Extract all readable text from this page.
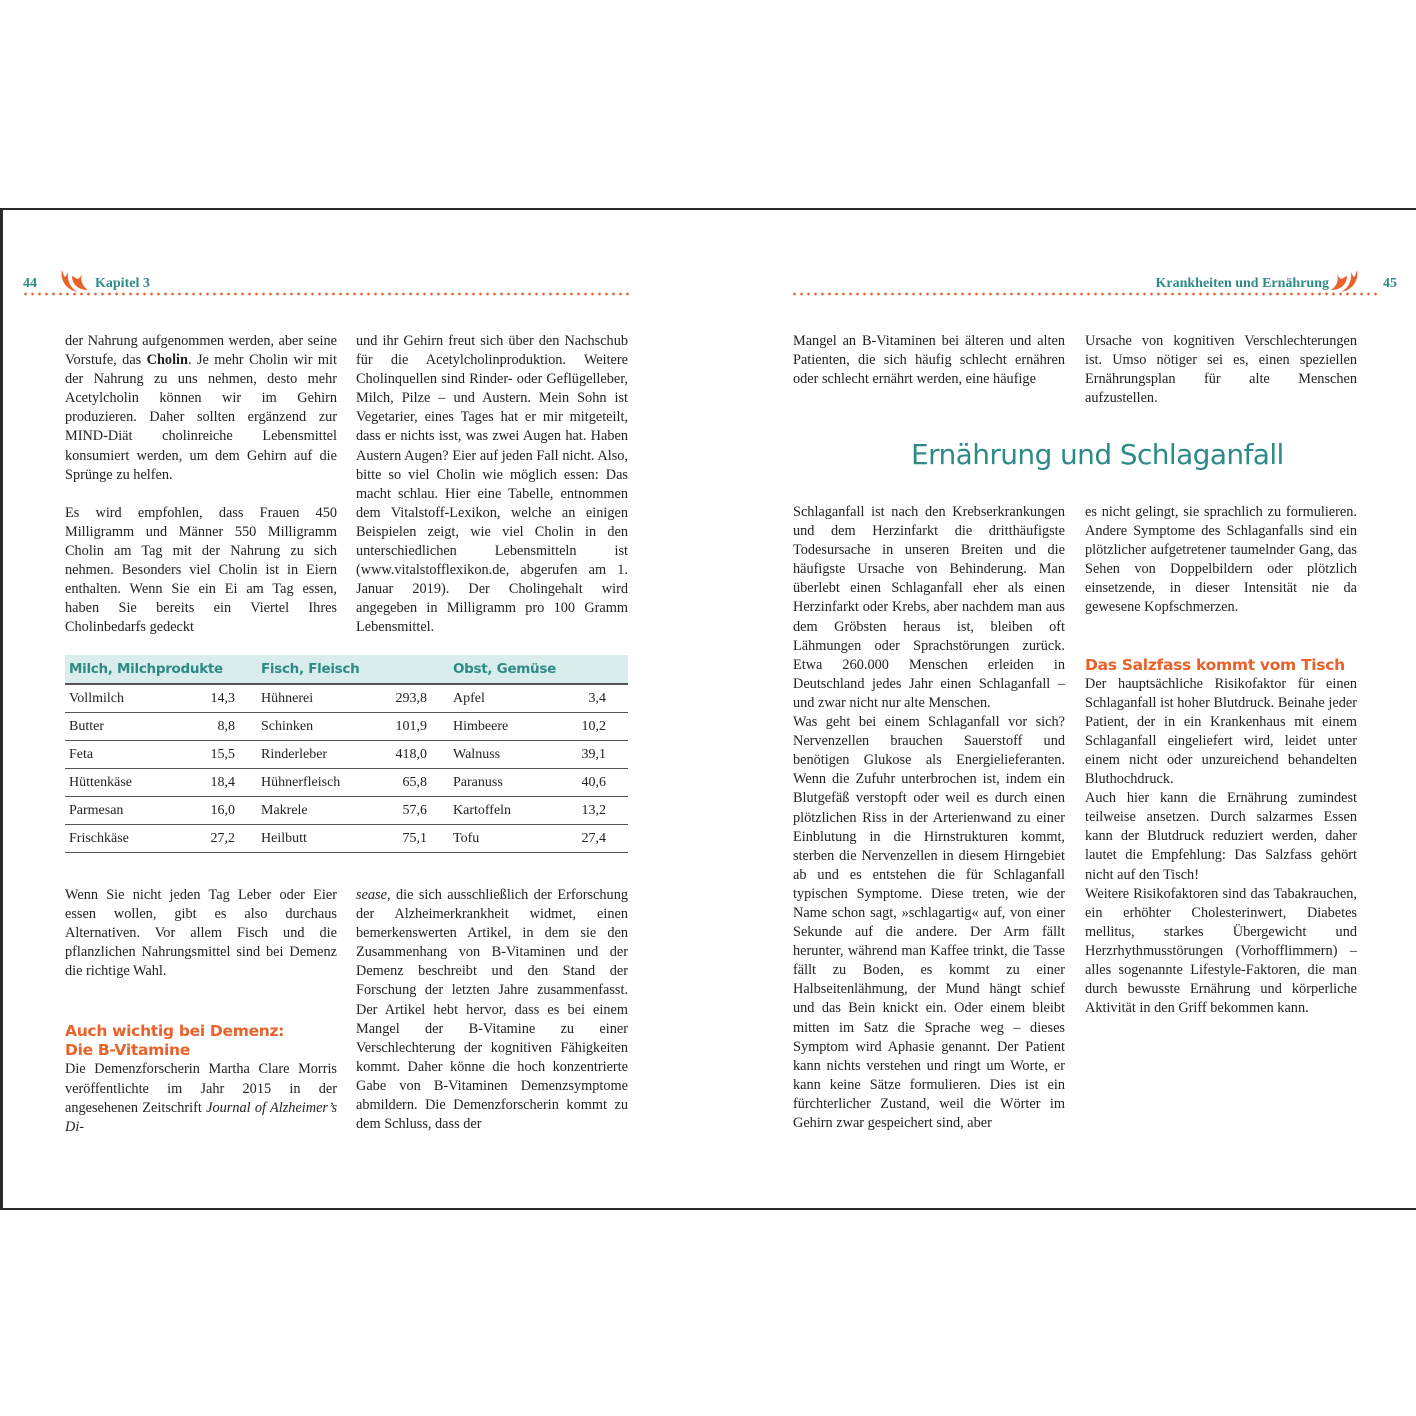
44	Kapitel 3

der Nahrung aufgenommen werden, aber seine Vorstufe, das Cholin. Je mehr Cholin wir mit der Nahrung zu uns nehmen, desto mehr Acetylcholin können wir im Gehirn produzieren. Daher sollten ergänzend zur MIND-Diät cholinreiche Lebensmittel konsumiert werden, um dem Gehirn auf die Sprünge zu helfen.

Es wird empfohlen, dass Frauen 450 Milligramm und Männer 550 Milligramm Cholin am Tag mit der Nahrung zu sich nehmen. Besonders viel Cholin ist in Eiern enthalten. Wenn Sie ein Ei am Tag essen, haben Sie bereits ein Viertel Ihres Cholinbedarfs gedeckt

und ihr Gehirn freut sich über den Nachschub für die Acetylcholinproduktion. Weitere Cholinquellen sind Rinder- oder Geflügelleber, Milch, Pilze – und Austern. Mein Sohn ist Vegetarier, eines Tages hat er mir mitgeteilt, dass er nichts isst, was zwei Augen hat. Haben Austern Augen? Eier auf jeden Fall nicht. Also, bitte so viel Cholin wie möglich essen: Das macht schlau. Hier eine Tabelle, entnommen dem Vitalstoff-Lexikon, welche an einigen Beispielen zeigt, wie viel Cholin in den unterschiedlichen Lebensmitteln ist (www.vitalstofflexikon.de, abgerufen am 1. Januar 2019). Der Cholingehalt wird angegeben in Milligramm pro 100 Gramm Lebensmittel.

Milch, Milchprodukte		Fisch, Fleisch		Obst, Gemüse	
Vollmilch	14,3	Hühnerei	293,8	Apfel	3,4
Butter	8,8	Schinken	101,9	Himbeere	10,2
Feta	15,5	Rinderleber	418,0	Walnuss	39,1
Hüttenkäse	18,4	Hühnerfleisch	65,8	Paranuss	40,6
Parmesan	16,0	Makrele	57,6	Kartoffeln	13,2
Frischkäse	27,2	Heilbutt	75,1	Tofu	27,4

Wenn Sie nicht jeden Tag Leber oder Eier essen wollen, gibt es also durchaus Alternativen. Vor allem Fisch und die pflanzlichen Nahrungsmittel sind bei Demenz die richtige Wahl.

Auch wichtig bei Demenz:
Die B-Vitamine

Die Demenzforscherin Martha Clare Morris veröffentlichte im Jahr 2015 in der angesehenen Zeitschrift Journal of Alzheimer’s Di-

sease, die sich ausschließlich der Erforschung der Alzheimerkrankheit widmet, einen bemerkenswerten Artikel, in dem sie den Zusammenhang von B-Vitaminen und der Demenz beschreibt und den Stand der Forschung der letzten Jahre zusammenfasst. Der Artikel hebt hervor, dass es bei einem Mangel der B-Vitamine zu einer Verschlechterung der kognitiven Fähigkeiten kommt. Daher könne die hoch konzentrierte Gabe von B-Vitaminen Demenzsymptome abmildern. Die Demenzforscherin kommt zu dem Schluss, dass der

Krankheiten und Ernährung	45

Mangel an B-Vitaminen bei älteren und alten Patienten, die sich häufig schlecht ernähren oder schlecht ernährt werden, eine häufige

Ursache von kognitiven Verschlechterungen ist. Umso nötiger sei es, einen speziellen Ernährungsplan für alte Menschen aufzustellen.

Ernährung und Schlaganfall

Schlaganfall ist nach den Krebserkrankungen und dem Herzinfarkt die dritthäufigste Todesursache in unseren Breiten und die häufigste Ursache von Behinderung. Man überlebt einen Schlaganfall eher als einen Herzinfarkt oder Krebs, aber nachdem man aus dem Gröbsten heraus ist, bleiben oft Lähmungen oder Sprachstörungen zurück. Etwa 260.000 Menschen erleiden in Deutschland jedes Jahr einen Schlaganfall – und zwar nicht nur alte Menschen.

Was geht bei einem Schlaganfall vor sich? Nervenzellen brauchen Sauerstoff und benötigen Glukose als Energielieferanten. Wenn die Zufuhr unterbrochen ist, indem ein Blutgefäß verstopft oder weil es durch einen plötzlichen Riss in der Arterienwand zu einer Einblutung in die Hirnstrukturen kommt, sterben die Nervenzellen in diesem Hirngebiet ab und es entstehen die für Schlaganfall typischen Symptome. Diese treten, wie der Name schon sagt, »schlagartig« auf, von einer Sekunde auf die andere. Der Arm fällt herunter, während man Kaffee trinkt, die Tasse fällt zu Boden, es kommt zu einer Halbseitenlähmung, der Mund hängt schief und das Bein knickt ein. Oder einem bleibt mitten im Satz die Sprache weg – dieses Symptom wird Aphasie genannt. Der Patient kann nichts verstehen und ringt um Worte, er kann keine Sätze formulieren. Dies ist ein fürchterlicher Zustand, weil die Wörter im Gehirn zwar gespeichert sind, aber

es nicht gelingt, sie sprachlich zu formulieren. Andere Symptome des Schlaganfalls sind ein plötzlicher aufgetretener taumelnder Gang, das Sehen von Doppelbildern oder plötzlich einsetzende, in dieser Intensität nie da gewesene Kopfschmerzen.

Das Salzfass kommt vom Tisch

Der hauptsächliche Risikofaktor für einen Schlaganfall ist hoher Blutdruck. Beinahe jeder Patient, der in ein Krankenhaus mit einem Schlaganfall eingeliefert wird, leidet unter einem nicht oder unzureichend behandelten Bluthochdruck.

Auch hier kann die Ernährung zumindest teilweise ansetzen. Durch salzarmes Essen kann der Blutdruck reduziert werden, daher lautet die Empfehlung: Das Salzfass gehört nicht auf den Tisch!

Weitere Risikofaktoren sind das Tabakrauchen, ein erhöhter Cholesterinwert, Diabetes mellitus, starkes Übergewicht und Herzrhythmusstörungen (Vorhofflimmern) – alles sogenannte Lifestyle-Faktoren, die man durch bewusste Ernährung und körperliche Aktivität in den Griff bekommen kann.
